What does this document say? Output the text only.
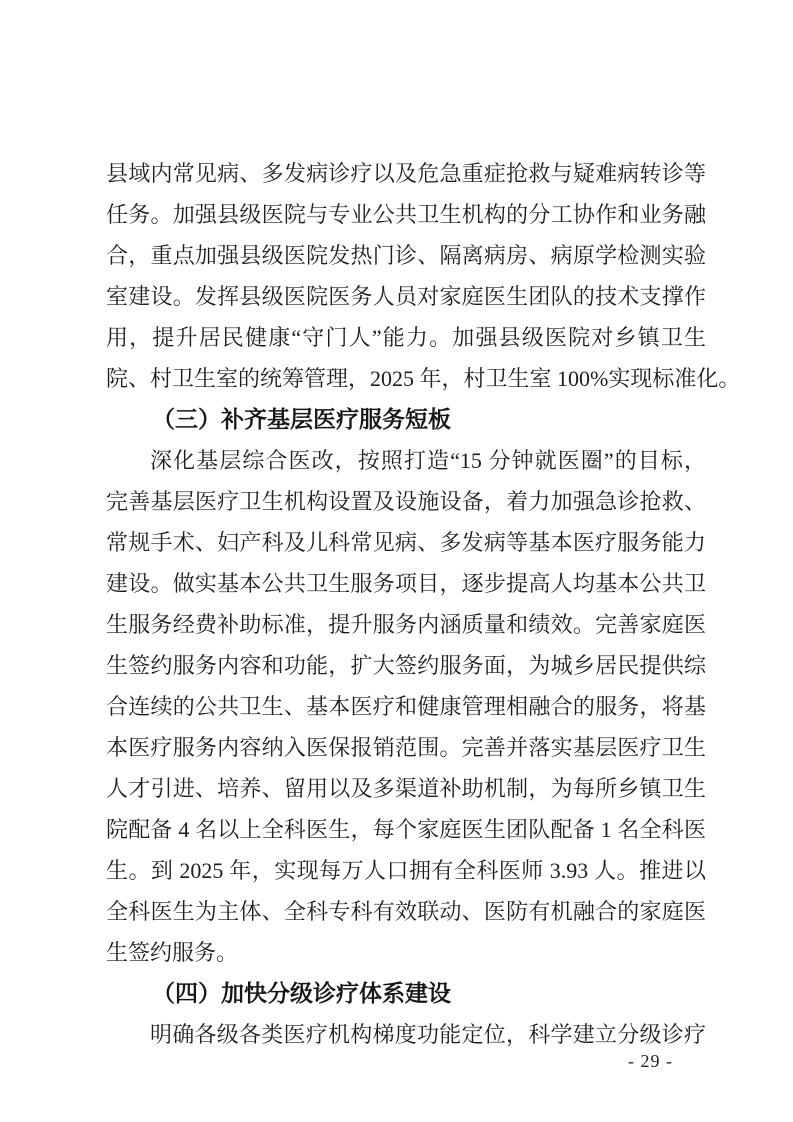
县域内常见病、多发病诊疗以及危急重症抢救与疑难病转诊等
任务。加强县级医院与专业公共卫生机构的分工协作和业务融
合，重点加强县级医院发热门诊、隔离病房、病原学检测实验
室建设。发挥县级医院医务人员对家庭医生团队的技术支撑作
用，提升居民健康“守门人”能力。加强县级医院对乡镇卫生
院、村卫生室的统筹管理，2025 年，村卫生室 100%实现标准化。
（三）补齐基层医疗服务短板
深化基层综合医改，按照打造“15 分钟就医圈”的目标，
完善基层医疗卫生机构设置及设施设备，着力加强急诊抢救、
常规手术、妇产科及儿科常见病、多发病等基本医疗服务能力
建设。做实基本公共卫生服务项目，逐步提高人均基本公共卫
生服务经费补助标准，提升服务内涵质量和绩效。完善家庭医
生签约服务内容和功能，扩大签约服务面，为城乡居民提供综
合连续的公共卫生、基本医疗和健康管理相融合的服务，将基
本医疗服务内容纳入医保报销范围。完善并落实基层医疗卫生
人才引进、培养、留用以及多渠道补助机制，为每所乡镇卫生
院配备 4 名以上全科医生，每个家庭医生团队配备 1 名全科医
生。到 2025 年，实现每万人口拥有全科医师 3.93 人。推进以
全科医生为主体、全科专科有效联动、医防有机融合的家庭医
生签约服务。
（四）加快分级诊疗体系建设
明确各级各类医疗机构梯度功能定位，科学建立分级诊疗
- 29 -
